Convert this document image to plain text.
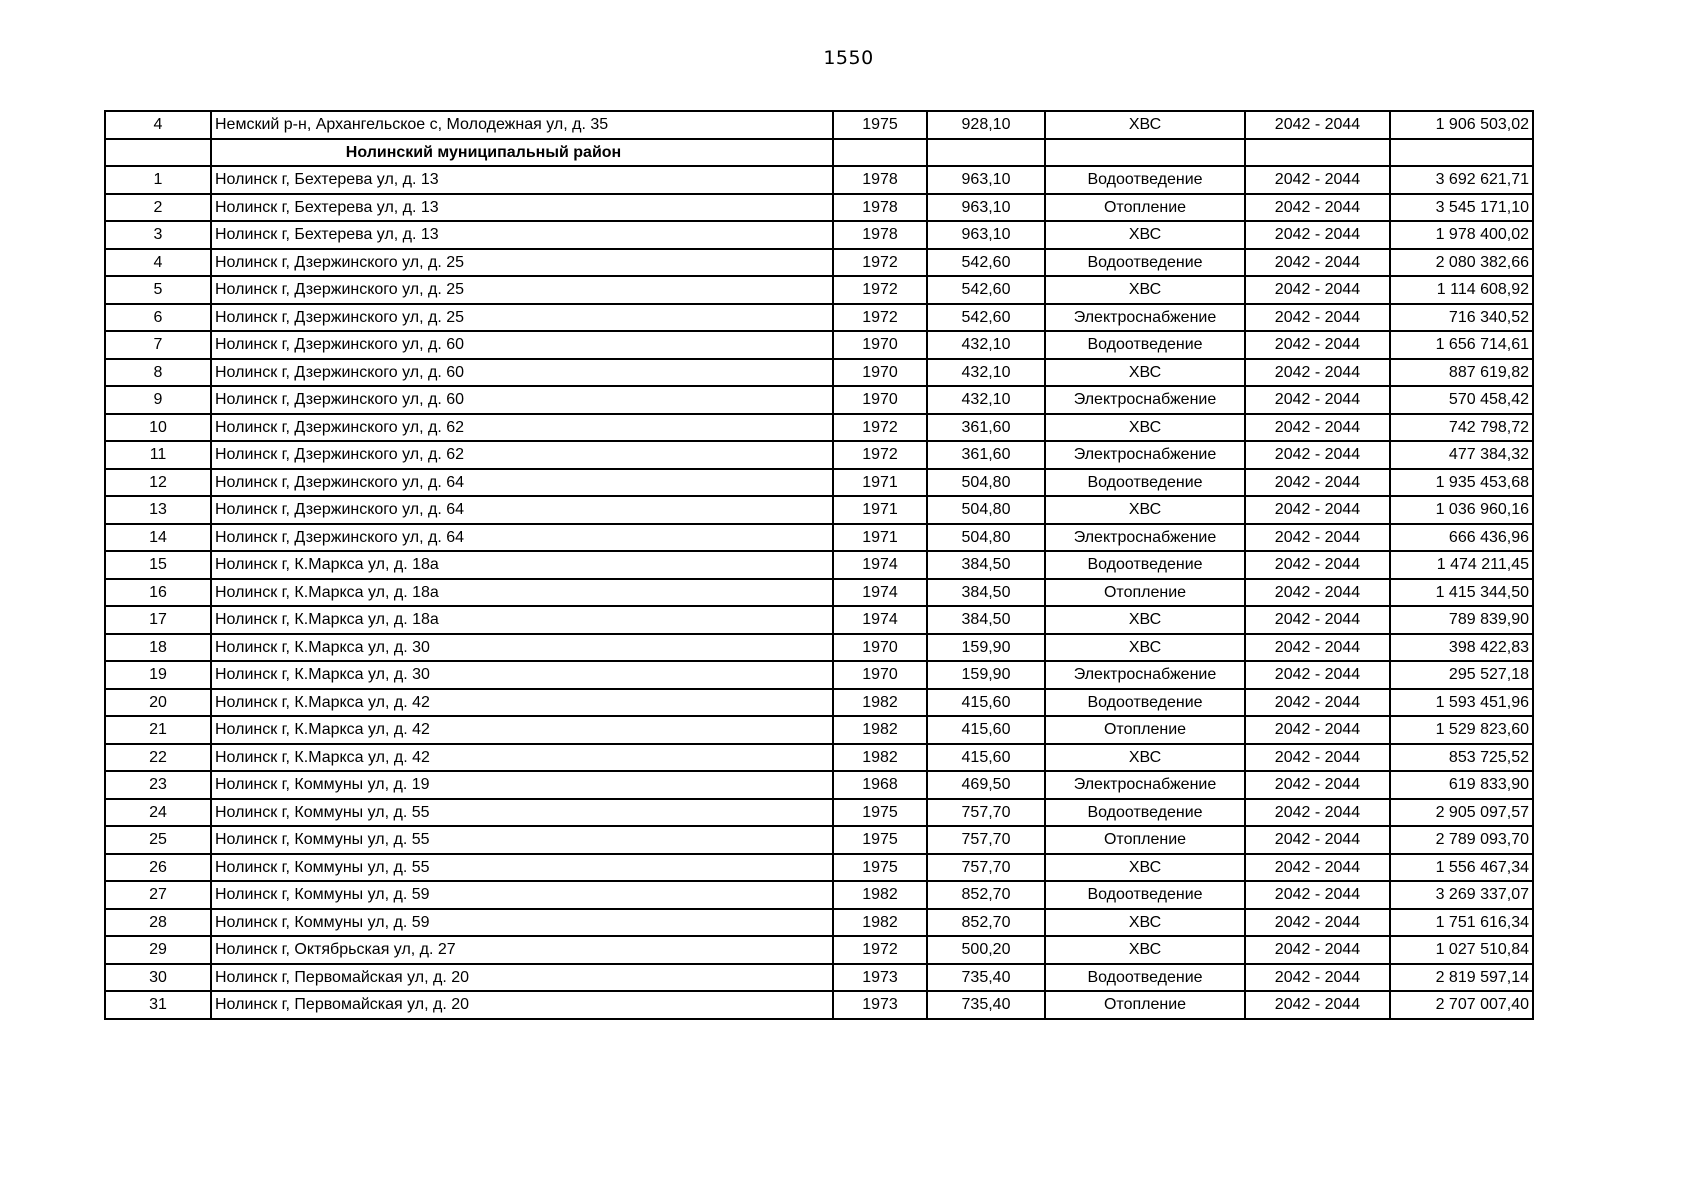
1550
4	Немский р-н, Архангельское с, Молодежная ул, д. 35	1975	928,10	ХВС	2042 - 2044	1 906 503,02
	Нолинский муниципальный район					
1	Нолинск г, Бехтерева ул, д. 13	1978	963,10	Водоотведение	2042 - 2044	3 692 621,71
2	Нолинск г, Бехтерева ул, д. 13	1978	963,10	Отопление	2042 - 2044	3 545 171,10
3	Нолинск г, Бехтерева ул, д. 13	1978	963,10	ХВС	2042 - 2044	1 978 400,02
4	Нолинск г, Дзержинского ул, д. 25	1972	542,60	Водоотведение	2042 - 2044	2 080 382,66
5	Нолинск г, Дзержинского ул, д. 25	1972	542,60	ХВС	2042 - 2044	1 114 608,92
6	Нолинск г, Дзержинского ул, д. 25	1972	542,60	Электроснабжение	2042 - 2044	716 340,52
7	Нолинск г, Дзержинского ул, д. 60	1970	432,10	Водоотведение	2042 - 2044	1 656 714,61
8	Нолинск г, Дзержинского ул, д. 60	1970	432,10	ХВС	2042 - 2044	887 619,82
9	Нолинск г, Дзержинского ул, д. 60	1970	432,10	Электроснабжение	2042 - 2044	570 458,42
10	Нолинск г, Дзержинского ул, д. 62	1972	361,60	ХВС	2042 - 2044	742 798,72
11	Нолинск г, Дзержинского ул, д. 62	1972	361,60	Электроснабжение	2042 - 2044	477 384,32
12	Нолинск г, Дзержинского ул, д. 64	1971	504,80	Водоотведение	2042 - 2044	1 935 453,68
13	Нолинск г, Дзержинского ул, д. 64	1971	504,80	ХВС	2042 - 2044	1 036 960,16
14	Нолинск г, Дзержинского ул, д. 64	1971	504,80	Электроснабжение	2042 - 2044	666 436,96
15	Нолинск г, К.Маркса ул, д. 18а	1974	384,50	Водоотведение	2042 - 2044	1 474 211,45
16	Нолинск г, К.Маркса ул, д. 18а	1974	384,50	Отопление	2042 - 2044	1 415 344,50
17	Нолинск г, К.Маркса ул, д. 18а	1974	384,50	ХВС	2042 - 2044	789 839,90
18	Нолинск г, К.Маркса ул, д. 30	1970	159,90	ХВС	2042 - 2044	398 422,83
19	Нолинск г, К.Маркса ул, д. 30	1970	159,90	Электроснабжение	2042 - 2044	295 527,18
20	Нолинск г, К.Маркса ул, д. 42	1982	415,60	Водоотведение	2042 - 2044	1 593 451,96
21	Нолинск г, К.Маркса ул, д. 42	1982	415,60	Отопление	2042 - 2044	1 529 823,60
22	Нолинск г, К.Маркса ул, д. 42	1982	415,60	ХВС	2042 - 2044	853 725,52
23	Нолинск г, Коммуны ул, д. 19	1968	469,50	Электроснабжение	2042 - 2044	619 833,90
24	Нолинск г, Коммуны ул, д. 55	1975	757,70	Водоотведение	2042 - 2044	2 905 097,57
25	Нолинск г, Коммуны ул, д. 55	1975	757,70	Отопление	2042 - 2044	2 789 093,70
26	Нолинск г, Коммуны ул, д. 55	1975	757,70	ХВС	2042 - 2044	1 556 467,34
27	Нолинск г, Коммуны ул, д. 59	1982	852,70	Водоотведение	2042 - 2044	3 269 337,07
28	Нолинск г, Коммуны ул, д. 59	1982	852,70	ХВС	2042 - 2044	1 751 616,34
29	Нолинск г, Октябрьская ул, д. 27	1972	500,20	ХВС	2042 - 2044	1 027 510,84
30	Нолинск г, Первомайская ул, д. 20	1973	735,40	Водоотведение	2042 - 2044	2 819 597,14
31	Нолинск г, Первомайская ул, д. 20	1973	735,40	Отопление	2042 - 2044	2 707 007,40
